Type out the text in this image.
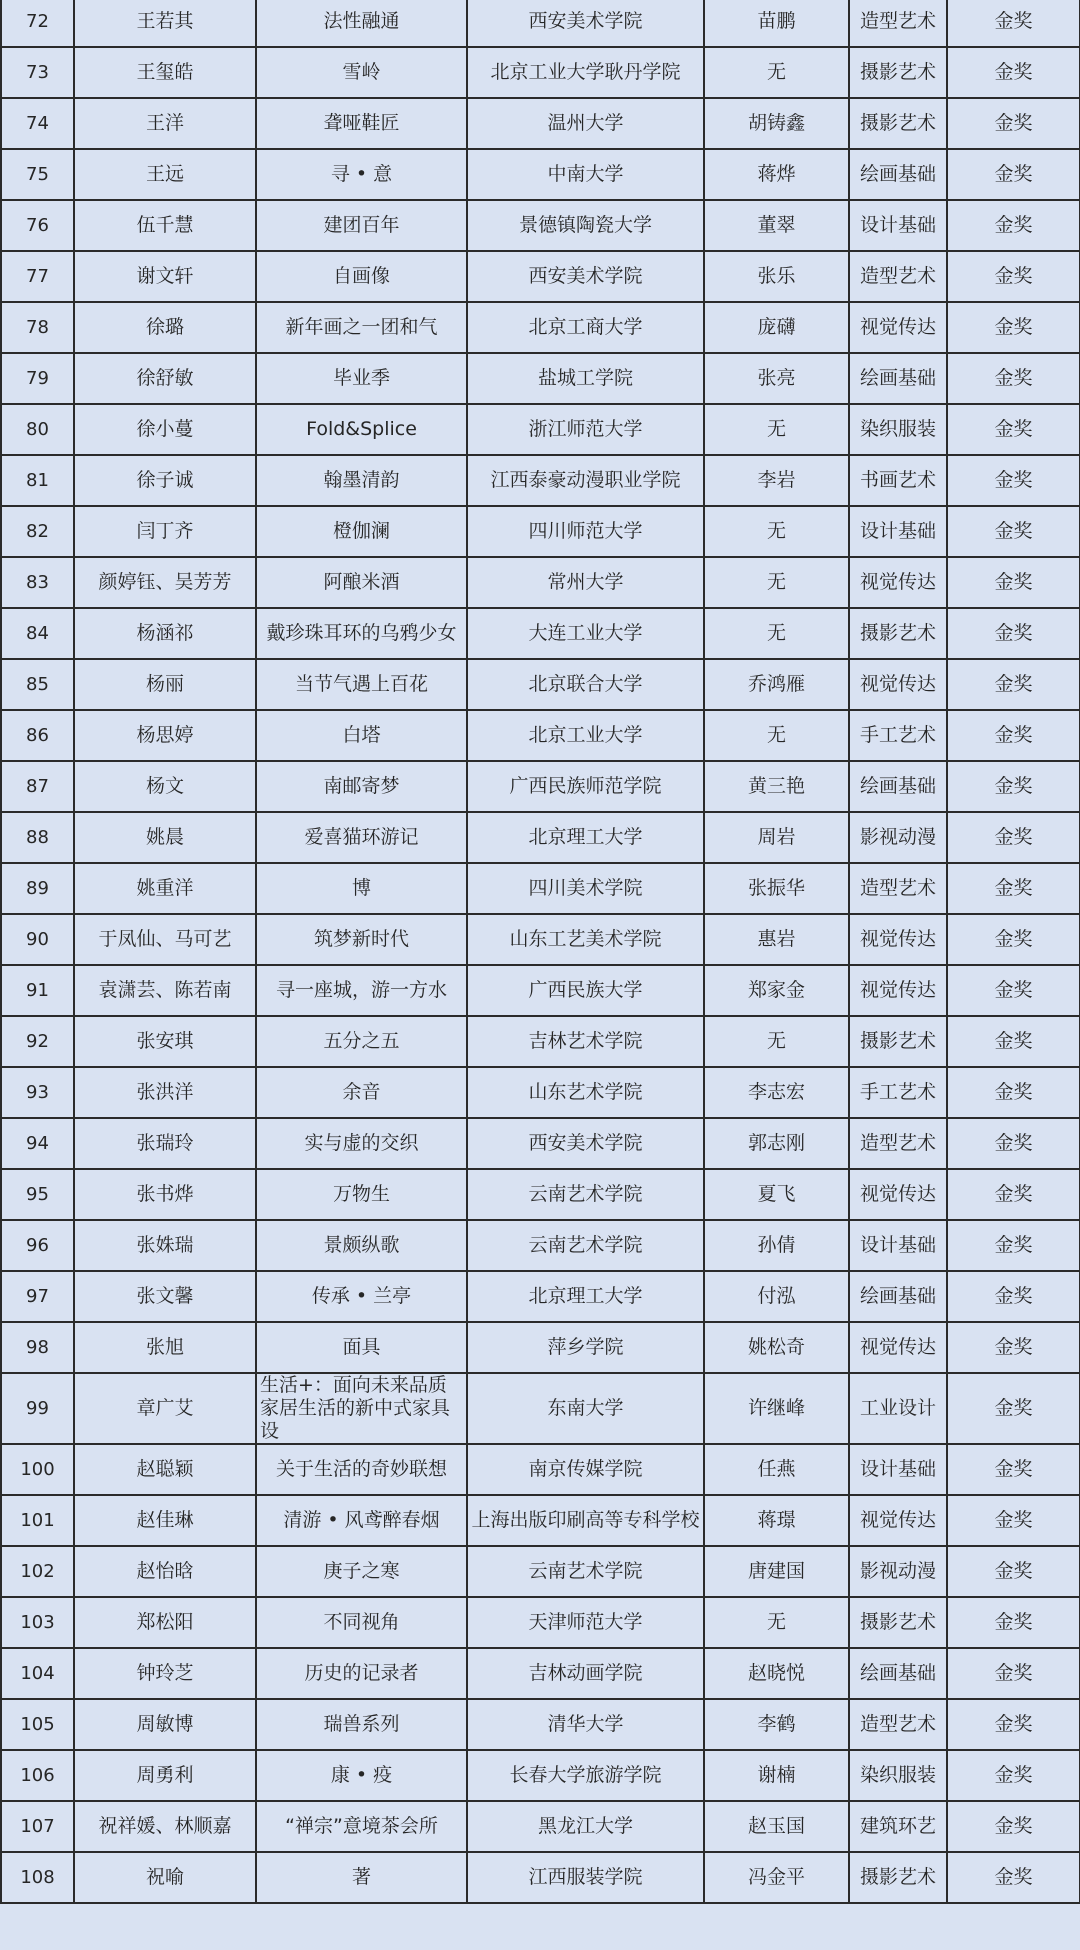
72	王若其	法性融通	西安美术学院	苗鹏	造型艺术	金奖
73	王玺皓	雪岭	北京工业大学耿丹学院	无	摄影艺术	金奖
74	王洋	聋哑鞋匠	温州大学	胡铸鑫	摄影艺术	金奖
75	王远	寻 • 意	中南大学	蒋烨	绘画基础	金奖
76	伍千慧	建团百年	景德镇陶瓷大学	董翠	设计基础	金奖
77	谢文轩	自画像	西安美术学院	张乐	造型艺术	金奖
78	徐璐	新年画之一团和气	北京工商大学	庞礴	视觉传达	金奖
79	徐舒敏	毕业季	盐城工学院	张亮	绘画基础	金奖
80	徐小蔓	Fold&Splice	浙江师范大学	无	染织服装	金奖
81	徐子诚	翰墨清韵	江西泰豪动漫职业学院	李岩	书画艺术	金奖
82	闫丁齐	橙伽澜	四川师范大学	无	设计基础	金奖
83	颜婷钰、吴芳芳	阿酿米酒	常州大学	无	视觉传达	金奖
84	杨涵祁	戴珍珠耳环的乌鸦少女	大连工业大学	无	摄影艺术	金奖
85	杨丽	当节气遇上百花	北京联合大学	乔鸿雁	视觉传达	金奖
86	杨思婷	白塔	北京工业大学	无	手工艺术	金奖
87	杨文	南邮寄梦	广西民族师范学院	黄三艳	绘画基础	金奖
88	姚晨	爱喜猫环游记	北京理工大学	周岩	影视动漫	金奖
89	姚重洋	博	四川美术学院	张振华	造型艺术	金奖
90	于凤仙、马可艺	筑梦新时代	山东工艺美术学院	惠岩	视觉传达	金奖
91	袁潇芸、陈若南	寻一座城，游一方水	广西民族大学	郑家金	视觉传达	金奖
92	张安琪	五分之五	吉林艺术学院	无	摄影艺术	金奖
93	张洪洋	余音	山东艺术学院	李志宏	手工艺术	金奖
94	张瑞玲	实与虚的交织	西安美术学院	郭志刚	造型艺术	金奖
95	张书烨	万物生	云南艺术学院	夏飞	视觉传达	金奖
96	张姝瑞	景颇纵歌	云南艺术学院	孙倩	设计基础	金奖
97	张文馨	传承 • 兰亭	北京理工大学	付泓	绘画基础	金奖
98	张旭	面具	萍乡学院	姚松奇	视觉传达	金奖
99	章广艾	生活+：面向未来品质家居生活的新中式家具设	东南大学	许继峰	工业设计	金奖
100	赵聪颖	关于生活的奇妙联想	南京传媒学院	任燕	设计基础	金奖
101	赵佳琳	清游 • 风鸢醉春烟	上海出版印刷高等专科学校	蒋璟	视觉传达	金奖
102	赵怡晗	庚子之寒	云南艺术学院	唐建国	影视动漫	金奖
103	郑松阳	不同视角	天津师范大学	无	摄影艺术	金奖
104	钟玲芝	历史的记录者	吉林动画学院	赵晓悦	绘画基础	金奖
105	周敏博	瑞兽系列	清华大学	李鹤	造型艺术	金奖
106	周勇利	康 • 疫	长春大学旅游学院	谢楠	染织服装	金奖
107	祝祥媛、林顺嘉	“禅宗”意境茶会所	黑龙江大学	赵玉国	建筑环艺	金奖
108	祝喻	著	江西服装学院	冯金平	摄影艺术	金奖
